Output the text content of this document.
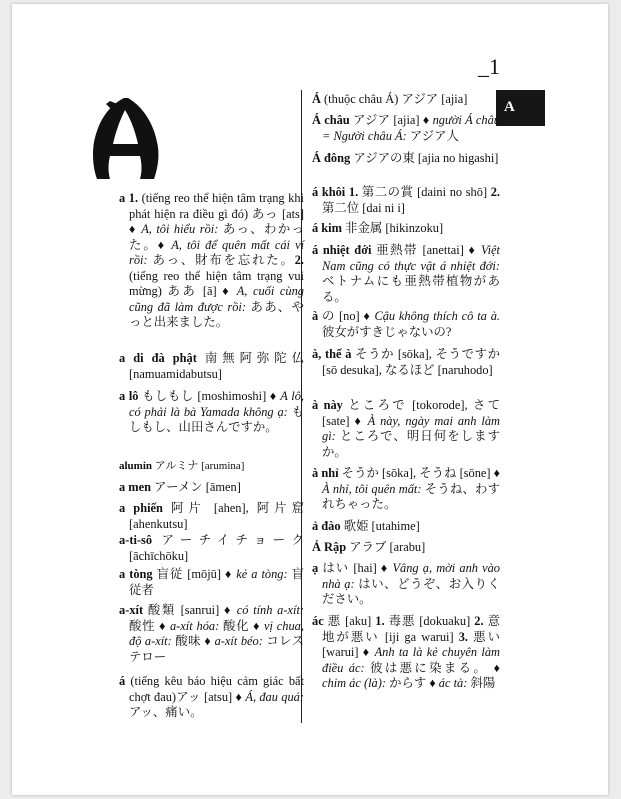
_1
A
a 1. (tiếng reo thể hiện tâm trạng khi phát hiện ra điều gì đó) あっ [ats] ♦ A, tôi hiểu rồi: あっ、わかった。♦ A, tôi để quên mất cái ví rồi: あっ、財布を忘れた。2. (tiếng reo thể hiện tâm trạng vui mừng) ああ [ā] ♦ A, cuối cùng cũng đã làm được rồi: ああ、やっと出来ました。
a di đà phật 南無阿弥陀仏 [namuamidabutsu]
a lô もしもし [moshimoshi] ♦ A lô, có phải là bà Yamada không ạ: もしもし、山田さんですか。
alumin アルミナ [arumina]
a men アーメン [āmen]
a phiến 阿片 [ahen], 阿片窟 [ahenkutsu]
a-ti-sô アーチイチョーク [āchīchōku]
a tòng 盲従 [mōjū] ♦ kẻ a tòng: 盲従者
a-xít 酸類 [sanrui] ♦ có tính a-xít: 酸性 ♦ a-xít hóa: 酸化 ♦ vị chua, độ a-xít: 酸味 ♦ a-xít béo: コレステロー
á (tiếng kêu báo hiệu cảm giác bất chợt đau)アッ [atsu] ♦ Á, đau quá: アッ、痛い。
Á (thuộc châu Á) アジア [ajia]
Á châu アジア [ajia] ♦ người Á châu = Người châu Á: アジア人
Á đông アジアの東 [ajia no higashi]
á khôi 1. 第二の賞 [daini no shō] 2. 第二位 [dai ni i]
á kim 非金属 [hikinzoku]
á nhiệt đới 亜熱帯 [anettai] ♦ Việt Nam cũng có thực vật á nhiệt đới: ベトナムにも亜熱帯植物がある。
à の [no] ♦ Cậu không thích cô ta à. 彼女がすきじゃないの?
à, thế à そうか [sōka], そうですか [sō desuka], なるほど [naruhodo]
à này ところで [tokorode], さて [sate] ♦ À này, ngày mai anh làm gì: ところで、明日何をしますか。
à nhỉ そうか [sōka], そうね [sōne] ♦ À nhỉ, tôi quên mất: そうね、わすれちゃった。
ả đào 歌姫 [utahime]
Ả Rập アラブ [arabu]
ạ はい [hai] ♦ Vâng ạ, mời anh vào nhà ạ: はい、どうぞ、お入りください。
ác 悪 [aku] 1. 毒悪 [dokuaku] 2. 意地が悪い [iji ga warui] 3. 悪い [warui] ♦ Anh ta là kẻ chuyên làm điều ác: 彼は悪に染まる。 ♦ chim ác (là): からす ♦ ác tà: 斜陽
